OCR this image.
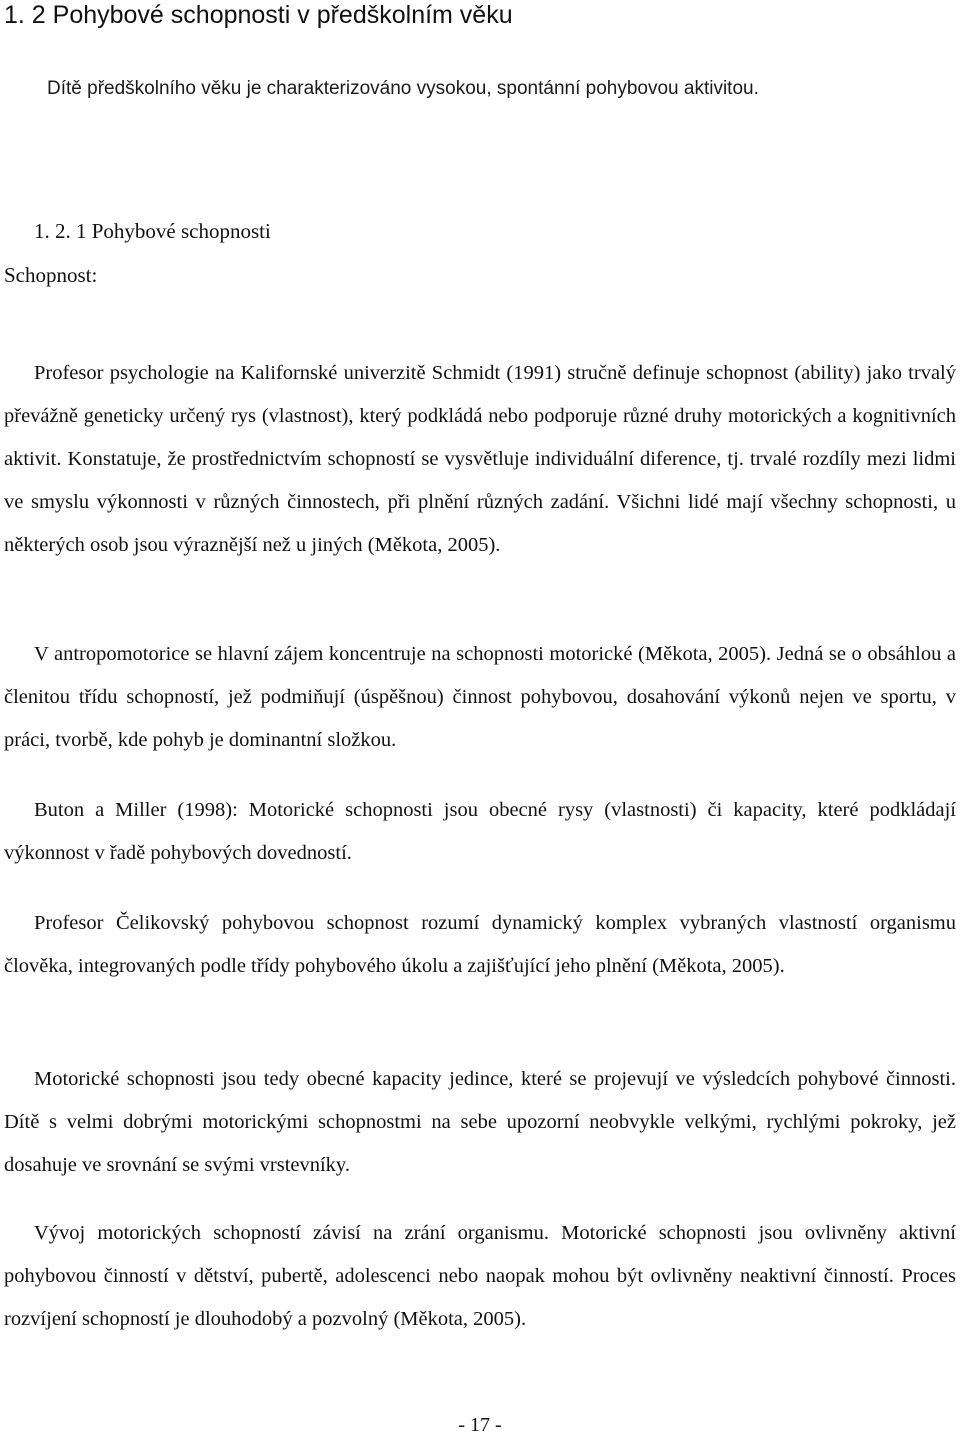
1. 2 Pohybové schopnosti v předškolním věku

Dítě předškolního věku je charakterizováno vysokou, spontánní pohybovou aktivitou.

1. 2. 1 Pohybové schopnosti

Schopnost:

Profesor psychologie na Kalifornské univerzitě Schmidt (1991) stručně definuje schopnost (ability) jako trvalý převážně geneticky určený rys (vlastnost), který podkládá nebo podporuje různé druhy motorických a kognitivních aktivit. Konstatuje, že prostřednictvím schopností se vysvětluje individuální diference, tj. trvalé rozdíly mezi lidmi ve smyslu výkonnosti v různých činnostech, při plnění různých zadání. Všichni lidé mají všechny schopnosti, u některých osob jsou výraznější než u jiných (Měkota, 2005).

V antropomotorice se hlavní zájem koncentruje na schopnosti motorické (Měkota, 2005). Jedná se o obsáhlou a členitou třídu schopností, jež podmiňují (úspěšnou) činnost pohybovou, dosahování výkonů nejen ve sportu, v práci, tvorbě, kde pohyb je dominantní složkou.

Buton a Miller (1998): Motorické schopnosti jsou obecné rysy (vlastnosti) či kapacity, které podkládají výkonnost v řadě pohybových dovedností.

Profesor Čelikovský pohybovou schopnost rozumí dynamický komplex vybraných vlastností organismu člověka, integrovaných podle třídy pohybového úkolu a zajišťující jeho plnění (Měkota, 2005).

Motorické schopnosti jsou tedy obecné kapacity jedince, které se projevují ve výsledcích pohybové činnosti. Dítě s velmi dobrými motorickými schopnostmi na sebe upozorní neobvykle velkými, rychlými pokroky, jež dosahuje ve srovnání se svými vrstevníky.

Vývoj motorických schopností závisí na zrání organismu. Motorické schopnosti jsou ovlivněny aktivní pohybovou činností v dětství, pubertě, adolescenci nebo naopak mohou být ovlivněny neaktivní činností. Proces rozvíjení schopností je dlouhodobý a pozvolný (Měkota, 2005).

- 17 -
